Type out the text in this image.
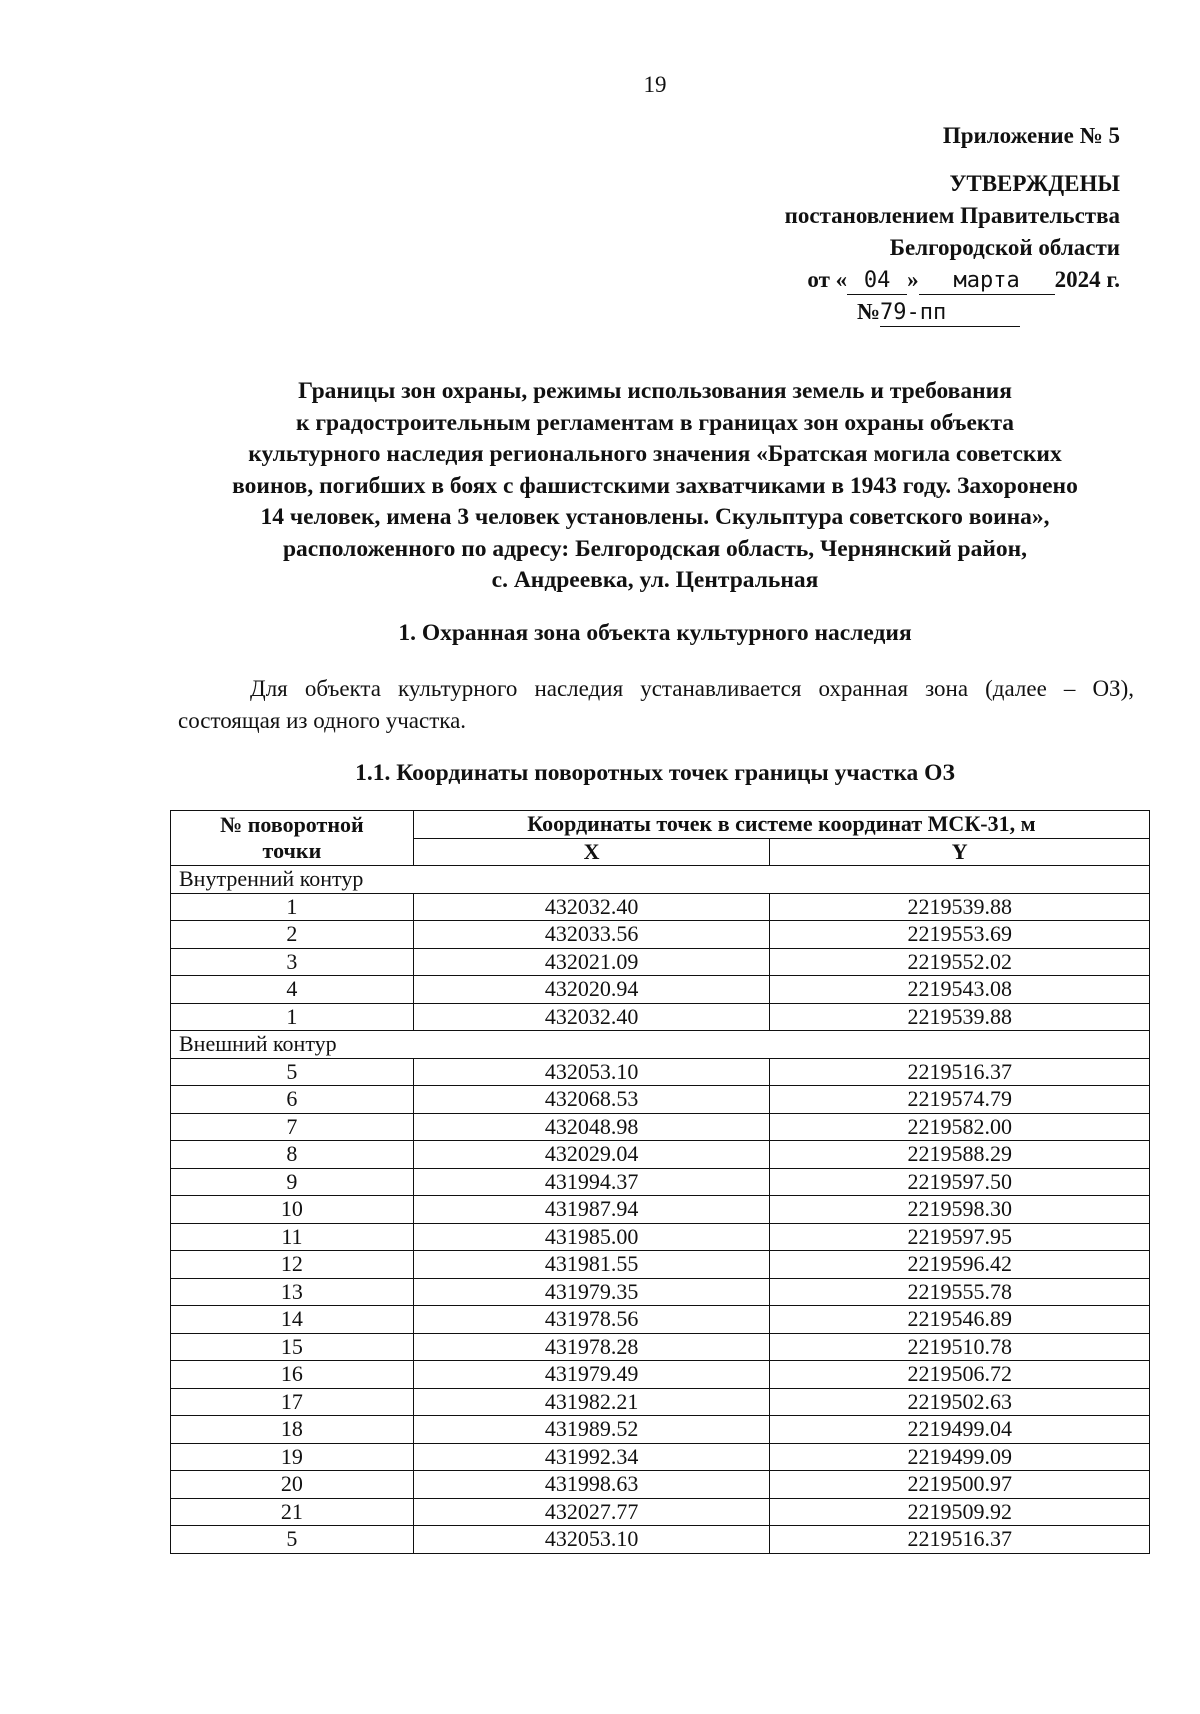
19
Приложение № 5
УТВЕРЖДЕНЫ
постановлением Правительства
Белгородской области
от « 04 » марта 2024 г.
№79-пп
Границы зон охраны, режимы использования земель и требования
к градостроительным регламентам в границах зон охраны объекта
культурного наследия регионального значения «Братская могила советских
воинов, погибших в боях с фашистскими захватчиками в 1943 году. Захоронено
14 человек, имена 3 человек установлены. Скульптура советского воина»,
расположенного по адресу: Белгородская область, Чернянский район,
с. Андреевка, ул. Центральная
1. Охранная зона объекта культурного наследия
Для объекта культурного наследия устанавливается охранная зона (далее – ОЗ), состоящая из одного участка.
1.1. Координаты поворотных точек границы участка ОЗ
№ поворотной
точки	Координаты точек в системе координат МСК-31, м	
	X	Y
Внутренний контур		
1	432032.40	2219539.88
2	432033.56	2219553.69
3	432021.09	2219552.02
4	432020.94	2219543.08
1	432032.40	2219539.88
Внешний контур		
5	432053.10	2219516.37
6	432068.53	2219574.79
7	432048.98	2219582.00
8	432029.04	2219588.29
9	431994.37	2219597.50
10	431987.94	2219598.30
11	431985.00	2219597.95
12	431981.55	2219596.42
13	431979.35	2219555.78
14	431978.56	2219546.89
15	431978.28	2219510.78
16	431979.49	2219506.72
17	431982.21	2219502.63
18	431989.52	2219499.04
19	431992.34	2219499.09
20	431998.63	2219500.97
21	432027.77	2219509.92
5	432053.10	2219516.37
